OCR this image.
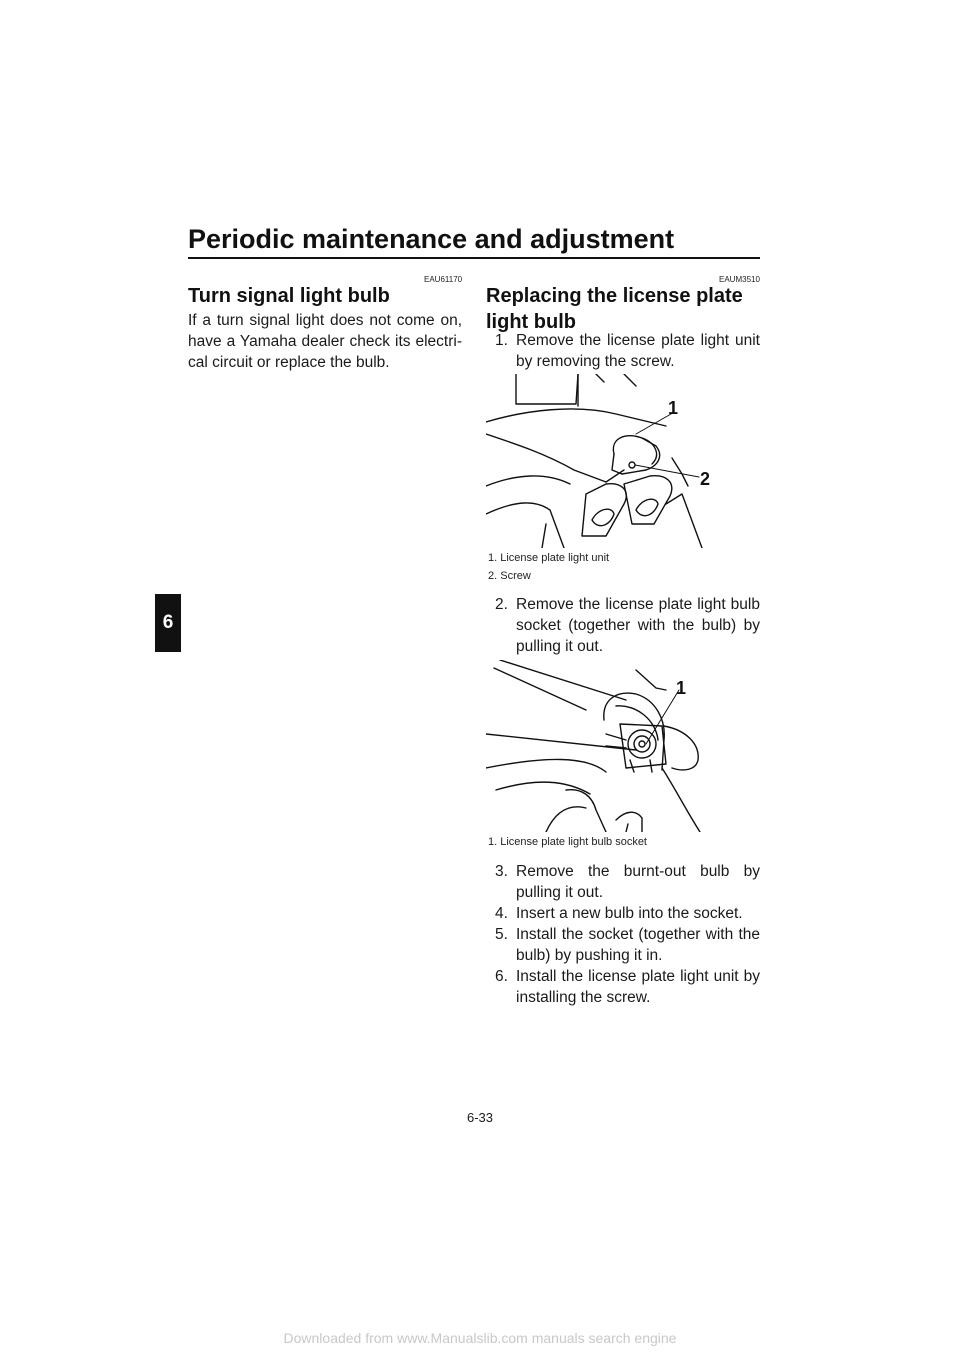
Periodic maintenance and adjustment
6
EAU61170
Turn signal light bulb

If a turn signal light does not come on, have a Yamaha dealer check its electri-cal circuit or replace the bulb.

EAUM3510
Replacing the license plate
light bulb
1. Remove the license plate light unit by removing the screw.
1
2
1. License plate light unit
2. Screw
2. Remove the license plate light bulb socket (together with the bulb) by pulling it out.
1
1. License plate light bulb socket
3. Remove the burnt-out bulb by pulling it out.
4. Insert a new bulb into the socket.
5. Install the socket (together with the bulb) by pushing it in.
6. Install the license plate light unit by installing the screw.
6-33
Downloaded from www.Manualslib.com manuals search engine
